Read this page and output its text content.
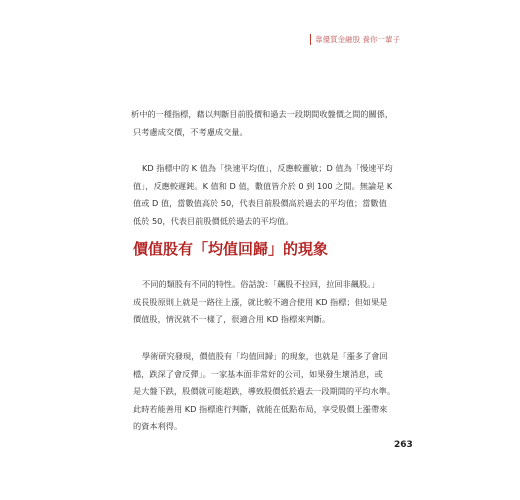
靠優質金融股 養你一輩子

析中的一種指標，藉以判斷目前股價和過去一段期間收盤價之間的關係，
只考慮成交價，不考慮成交量。

KD 指標中的 K 值為「快速平均值」，反應較靈敏；D 值為「慢速平均
值」，反應較遲鈍。K 值和 D 值，數值皆介於 0 到 100 之間。無論是 K
值或 D 值，當數值高於 50，代表目前股價高於過去的平均值；當數值
低於 50，代表目前股價低於過去的平均值。

價值股有「均值回歸」的現象

不同的類股有不同的特性。俗話說：「飆股不拉回，拉回非飆股。」
成長股原則上就是一路往上漲，就比較不適合使用 KD 指標；但如果是
價值股，情況就不一樣了，很適合用 KD 指標來判斷。

學術研究發現，價值股有「均值回歸」的現象，也就是「漲多了會回
檔，跌深了會反彈」。一家基本面非常好的公司，如果發生壞消息，或
是大盤下跌，股價就可能超跌，導致股價低於過去一段期間的平均水準。
此時若能善用 KD 指標進行判斷，就能在低點布局，享受股價上漲帶來
的資本利得。

263
